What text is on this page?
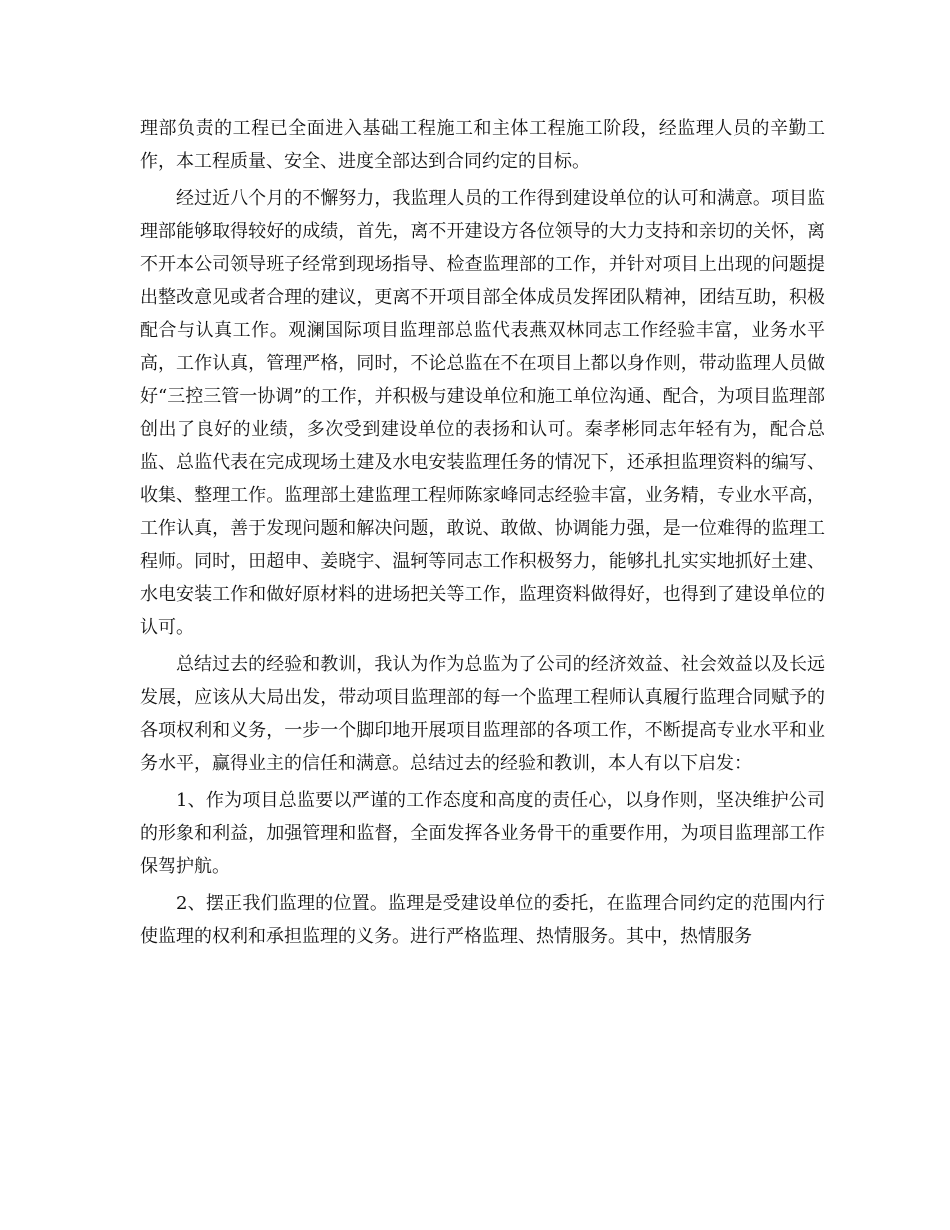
理部负责的工程已全面进入基础工程施工和主体工程施工阶段，经监理人员的辛勤工作，本工程质量、安全、进度全部达到合同约定的目标。

经过近八个月的不懈努力，我监理人员的工作得到建设单位的认可和满意。项目监理部能够取得较好的成绩，首先，离不开建设方各位领导的大力支持和亲切的关怀，离不开本公司领导班子经常到现场指导、检查监理部的工作，并针对项目上出现的问题提出整改意见或者合理的建议，更离不开项目部全体成员发挥团队精神，团结互助，积极配合与认真工作。观澜国际项目监理部总监代表燕双林同志工作经验丰富，业务水平高，工作认真，管理严格，同时，不论总监在不在项目上都以身作则，带动监理人员做好“三控三管一协调”的工作，并积极与建设单位和施工单位沟通、配合，为项目监理部创出了良好的业绩，多次受到建设单位的表扬和认可。秦孝彬同志年轻有为，配合总监、总监代表在完成现场土建及水电安装监理任务的情况下，还承担监理资料的编写、收集、整理工作。监理部土建监理工程师陈家峰同志经验丰富，业务精，专业水平高，工作认真，善于发现问题和解决问题，敢说、敢做、协调能力强，是一位难得的监理工程师。同时，田超申、姜晓宇、温轲等同志工作积极努力，能够扎扎实实地抓好土建、水电安装工作和做好原材料的进场把关等工作，监理资料做得好，也得到了建设单位的认可。

总结过去的经验和教训，我认为作为总监为了公司的经济效益、社会效益以及长远发展，应该从大局出发，带动项目监理部的每一个监理工程师认真履行监理合同赋予的各项权利和义务，一步一个脚印地开展项目监理部的各项工作，不断提高专业水平和业务水平，赢得业主的信任和满意。总结过去的经验和教训，本人有以下启发：

1、作为项目总监要以严谨的工作态度和高度的责任心，以身作则，坚决维护公司的形象和利益，加强管理和监督，全面发挥各业务骨干的重要作用，为项目监理部工作保驾护航。

2、摆正我们监理的位置。监理是受建设单位的委托，在监理合同约定的范围内行使监理的权利和承担监理的义务。进行严格监理、热情服务。其中，热情服务
